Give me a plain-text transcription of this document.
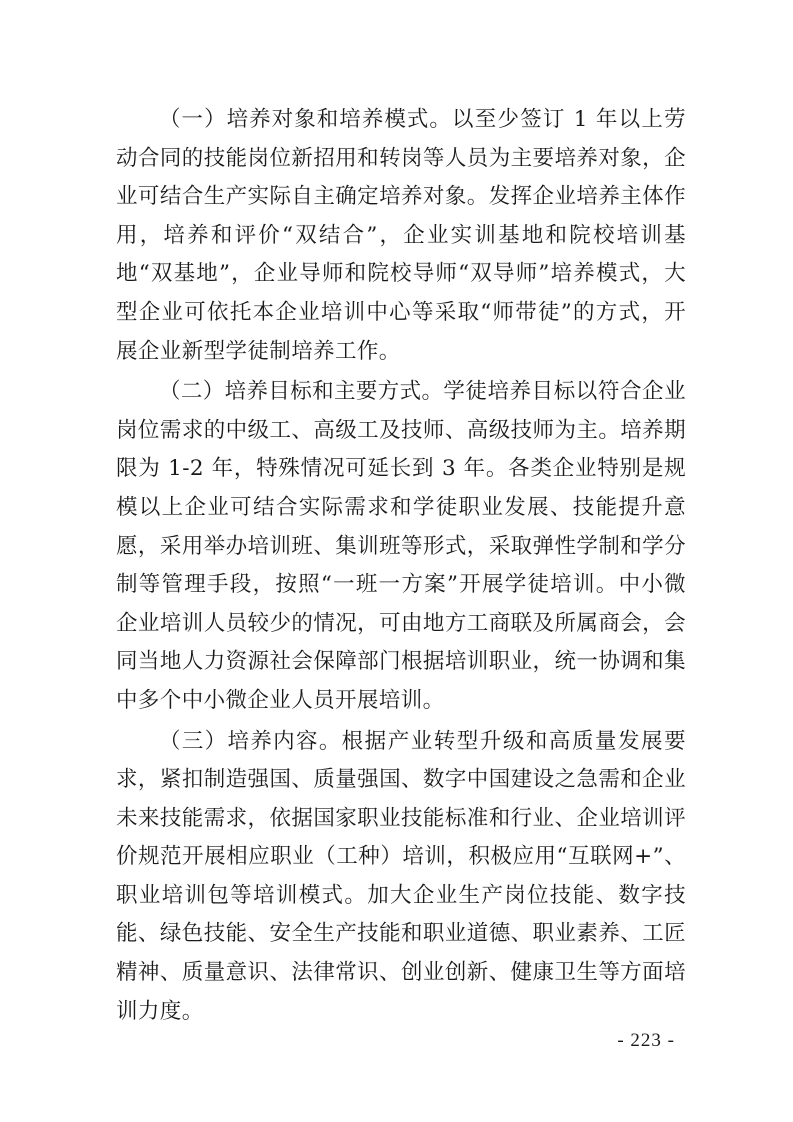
（一）培养对象和培养模式。以至少签订 1 年以上劳动合同的技能岗位新招用和转岗等人员为主要培养对象，企业可结合生产实际自主确定培养对象。发挥企业培养主体作用，培养和评价“双结合”，企业实训基地和院校培训基地“双基地”，企业导师和院校导师“双导师”培养模式，大型企业可依托本企业培训中心等采取“师带徒”的方式，开展企业新型学徒制培养工作。

（二）培养目标和主要方式。学徒培养目标以符合企业岗位需求的中级工、高级工及技师、高级技师为主。培养期限为 1-2 年，特殊情况可延长到 3 年。各类企业特别是规模以上企业可结合实际需求和学徒职业发展、技能提升意愿，采用举办培训班、集训班等形式，采取弹性学制和学分制等管理手段，按照“一班一方案”开展学徒培训。中小微企业培训人员较少的情况，可由地方工商联及所属商会，会同当地人力资源社会保障部门根据培训职业，统一协调和集中多个中小微企业人员开展培训。

（三）培养内容。根据产业转型升级和高质量发展要求，紧扣制造强国、质量强国、数字中国建设之急需和企业未来技能需求，依据国家职业技能标准和行业、企业培训评价规范开展相应职业（工种）培训，积极应用“互联网+”、职业培训包等培训模式。加大企业生产岗位技能、数字技能、绿色技能、安全生产技能和职业道德、职业素养、工匠精神、质量意识、法律常识、创业创新、健康卫生等方面培训力度。

- 223 -
